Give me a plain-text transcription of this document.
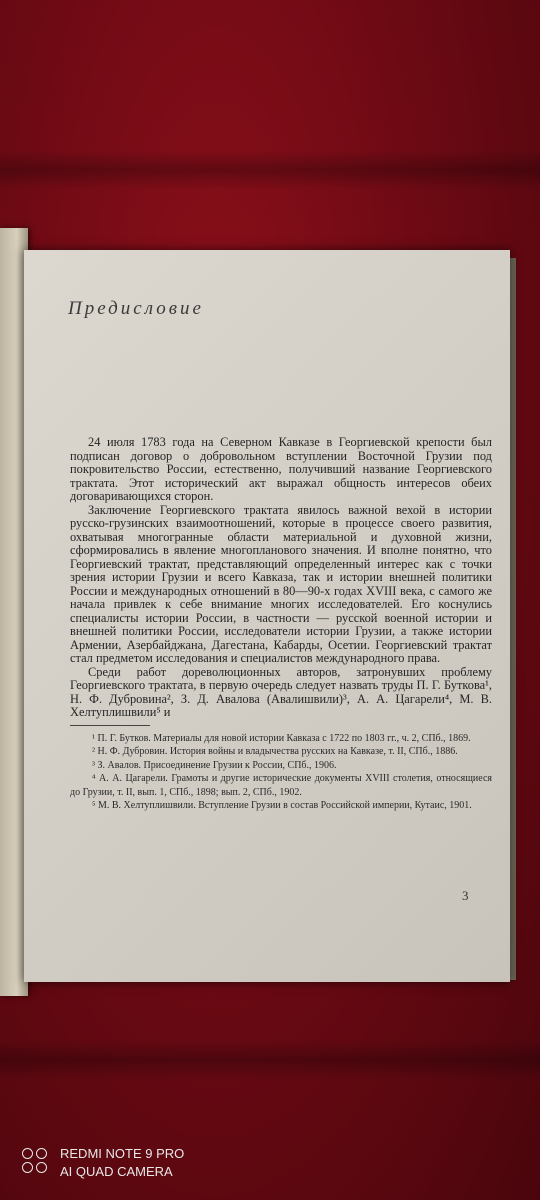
Предисловие

24 июля 1783 года на Северном Кавказе в Георгиевской крепости был подписан договор о добровольном вступлении Восточной Грузии под покровительство России, естественно, получивший название Георгиевского трактата. Этот исторический акт выражал общность интересов обеих договаривающихся сторон.

Заключение Георгиевского трактата явилось важной вехой в истории русско-грузинских взаимоотношений, которые в процессе своего развития, охватывая многогранные области материальной и духовной жизни, сформировались в явление многопланового значения. И вполне понятно, что Георгиевский трактат, представляющий определенный интерес как с точки зрения истории Грузии и всего Кавказа, так и истории внешней политики России и международных отношений в 80—90-х годах XVIII века, с самого же начала привлек к себе внимание многих исследователей. Его коснулись специалисты истории России, в частности — русской военной истории и внешней политики России, исследователи истории Грузии, а также истории Армении, Азербайджана, Дагестана, Кабарды, Осетии. Георгиевский трактат стал предметом исследования и специалистов международного права.

Среди работ дореволюционных авторов, затронувших проблему Георгиевского трактата, в первую очередь следует назвать труды П. Г. Буткова¹, Н. Ф. Дубровина², З. Д. Авалова (Авалишвили)³, А. А. Цагарели⁴, М. В. Хелтуплишвили⁵ и

¹ П. Г. Бутков. Материалы для новой истории Кавказа с 1722 по 1803 гг., ч. 2, СПб., 1869.

² Н. Ф. Дубровин. История войны и владычества русских на Кавказе, т. II, СПб., 1886.

³ З. Авалов. Присоединение Грузии к России, СПб., 1906.

⁴ А. А. Цагарели. Грамоты и другие исторические документы XVIII столетия, относящиеся до Грузии, т. II, вып. 1, СПб., 1898; вып. 2, СПб., 1902.

⁵ М. В. Хелтуплишвили. Вступление Грузии в состав Российской империи, Кутаис, 1901.

3
REDMI NOTE 9 PRO
AI QUAD CAMERA
